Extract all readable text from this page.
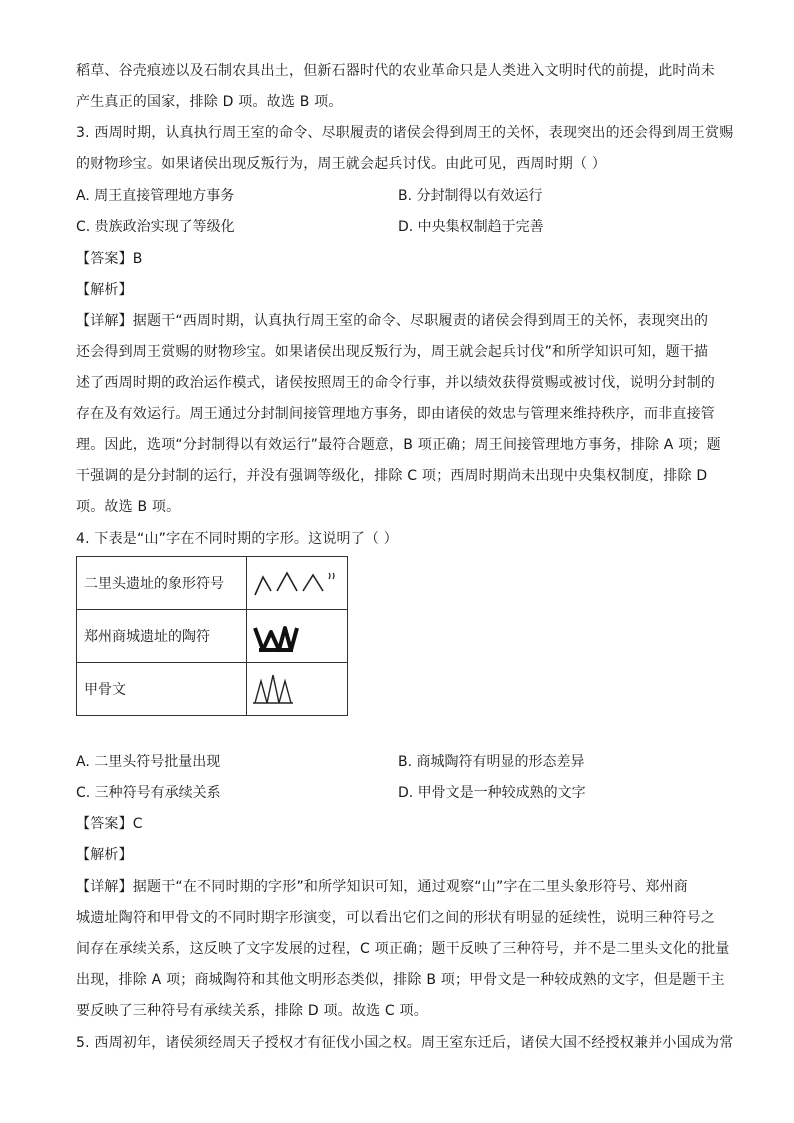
稻草、谷壳痕迹以及石制农具出土，但新石器时代的农业革命只是人类进入文明时代的前提，此时尚未
产生真正的国家，排除 D 项。故选 B 项。
3. 西周时期，认真执行周王室的命令、尽职履责的诸侯会得到周王的关怀，表现突出的还会得到周王赏赐
的财物珍宝。如果诸侯出现反叛行为，周王就会起兵讨伐。由此可见，西周时期（ ）
A. 周王直接管理地方事务	B. 分封制得以有效运行
C. 贵族政治实现了等级化	D. 中央集权制趋于完善
【答案】B
【解析】
【详解】据题干“西周时期，认真执行周王室的命令、尽职履责的诸侯会得到周王的关怀，表现突出的
还会得到周王赏赐的财物珍宝。如果诸侯出现反叛行为，周王就会起兵讨伐”和所学知识可知，题干描
述了西周时期的政治运作模式，诸侯按照周王的命令行事，并以绩效获得赏赐或被讨伐，说明分封制的
存在及有效运行。周王通过分封制间接管理地方事务，即由诸侯的效忠与管理来维持秩序，而非直接管
理。因此，选项“分封制得以有效运行”最符合题意，B 项正确；周王间接管理地方事务，排除 A 项；题
干强调的是分封制的运行，并没有强调等级化，排除 C 项；西周时期尚未出现中央集权制度，排除 D
项。故选 B 项。
4. 下表是“山”字在不同时期的字形。这说明了（ ）
二里头遗址的象形符号	

郑州商城遗址的陶符	

甲骨文	
A. 二里头符号批量出现	B. 商城陶符有明显的形态差异
C. 三种符号有承续关系	D. 甲骨文是一种较成熟的文字
【答案】C
【解析】
【详解】据题干“在不同时期的字形”和所学知识可知，通过观察“山”字在二里头象形符号、郑州商
城遗址陶符和甲骨文的不同时期字形演变，可以看出它们之间的形状有明显的延续性，说明三种符号之
间存在承续关系，这反映了文字发展的过程，C 项正确；题干反映了三种符号，并不是二里头文化的批量
出现，排除 A 项；商城陶符和其他文明形态类似，排除 B 项；甲骨文是一种较成熟的文字，但是题干主
要反映了三种符号有承续关系，排除 D 项。故选 C 项。
5. 西周初年，诸侯须经周天子授权才有征伐小国之权。周王室东迁后，诸侯大国不经授权兼并小国成为常
